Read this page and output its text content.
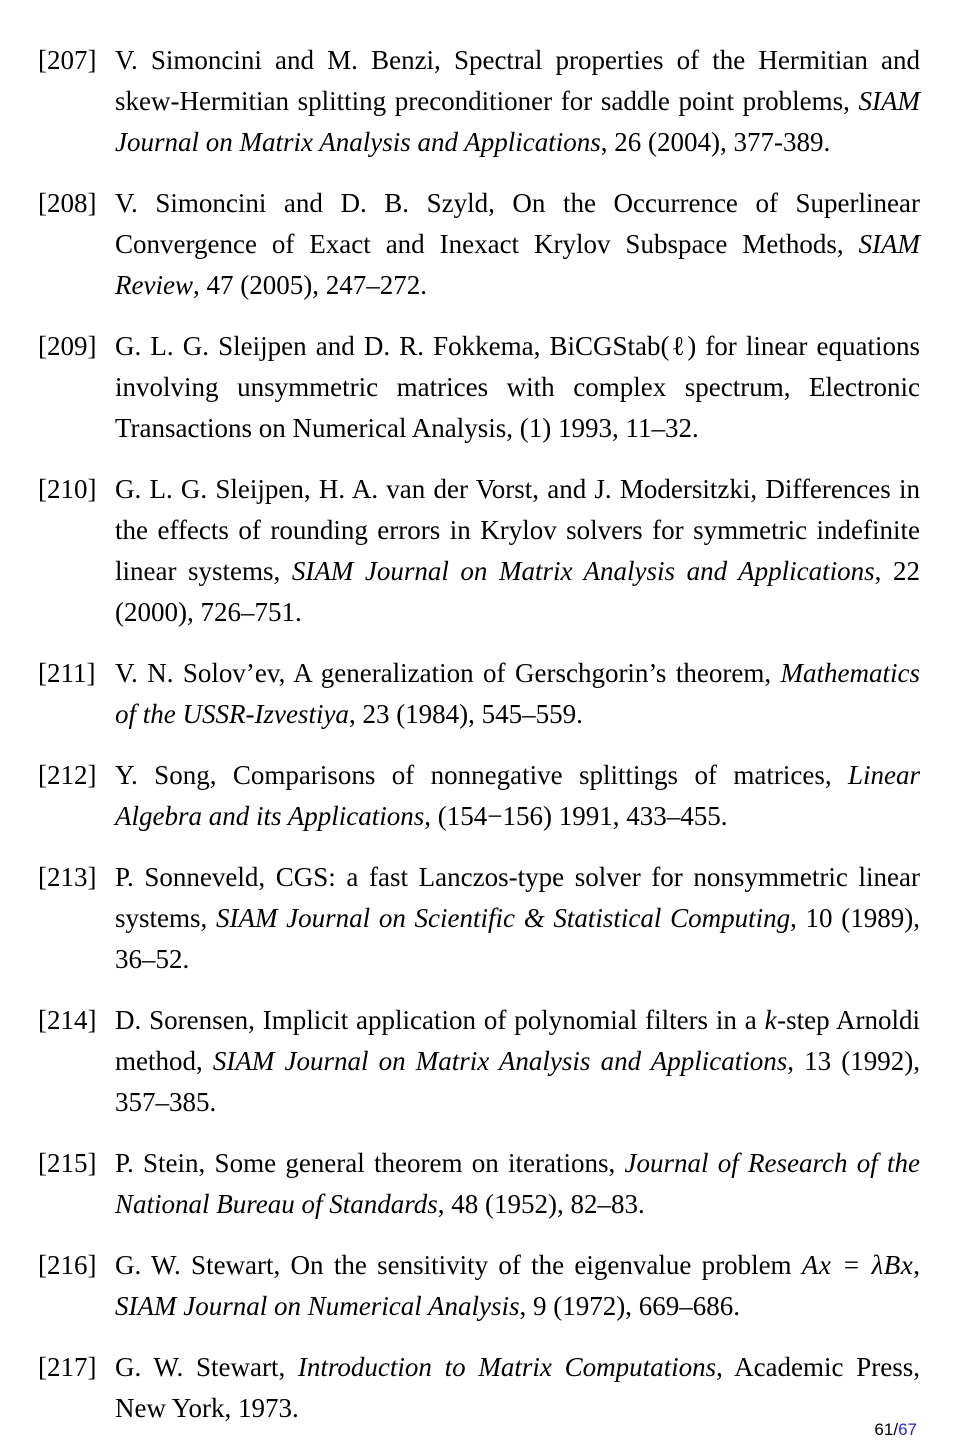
[207] V. Simoncini and M. Benzi, Spectral properties of the Hermitian and skew-Hermitian splitting preconditioner for saddle point problems, SIAM Journal on Matrix Analysis and Applications, 26 (2004), 377-389.
[208] V. Simoncini and D. B. Szyld, On the Occurrence of Superlinear Convergence of Exact and Inexact Krylov Subspace Methods, SIAM Review, 47 (2005), 247–272.
[209] G. L. G. Sleijpen and D. R. Fokkema, BiCGStab(ℓ) for linear equations involving unsymmetric matrices with complex spectrum, Electronic Transactions on Numerical Analysis, (1) 1993, 11–32.
[210] G. L. G. Sleijpen, H. A. van der Vorst, and J. Modersitzki, Differences in the effects of rounding errors in Krylov solvers for symmetric indefinite linear systems, SIAM Journal on Matrix Analysis and Applications, 22 (2000), 726–751.
[211] V. N. Solov’ev, A generalization of Gerschgorin’s theorem, Mathematics of the USSR-Izvestiya, 23 (1984), 545–559.
[212] Y. Song, Comparisons of nonnegative splittings of matrices, Linear Algebra and its Applications, (154−156) 1991, 433–455.
[213] P. Sonneveld, CGS: a fast Lanczos-type solver for nonsymmetric linear systems, SIAM Journal on Scientific & Statistical Computing, 10 (1989), 36–52.
[214] D. Sorensen, Implicit application of polynomial filters in a k-step Arnoldi method, SIAM Journal on Matrix Analysis and Applications, 13 (1992), 357–385.
[215] P. Stein, Some general theorem on iterations, Journal of Research of the National Bureau of Standards, 48 (1952), 82–83.
[216] G. W. Stewart, On the sensitivity of the eigenvalue problem Ax = λBx, SIAM Journal on Numerical Analysis, 9 (1972), 669–686.
[217] G. W. Stewart, Introduction to Matrix Computations, Academic Press, New York, 1973.
61/67
